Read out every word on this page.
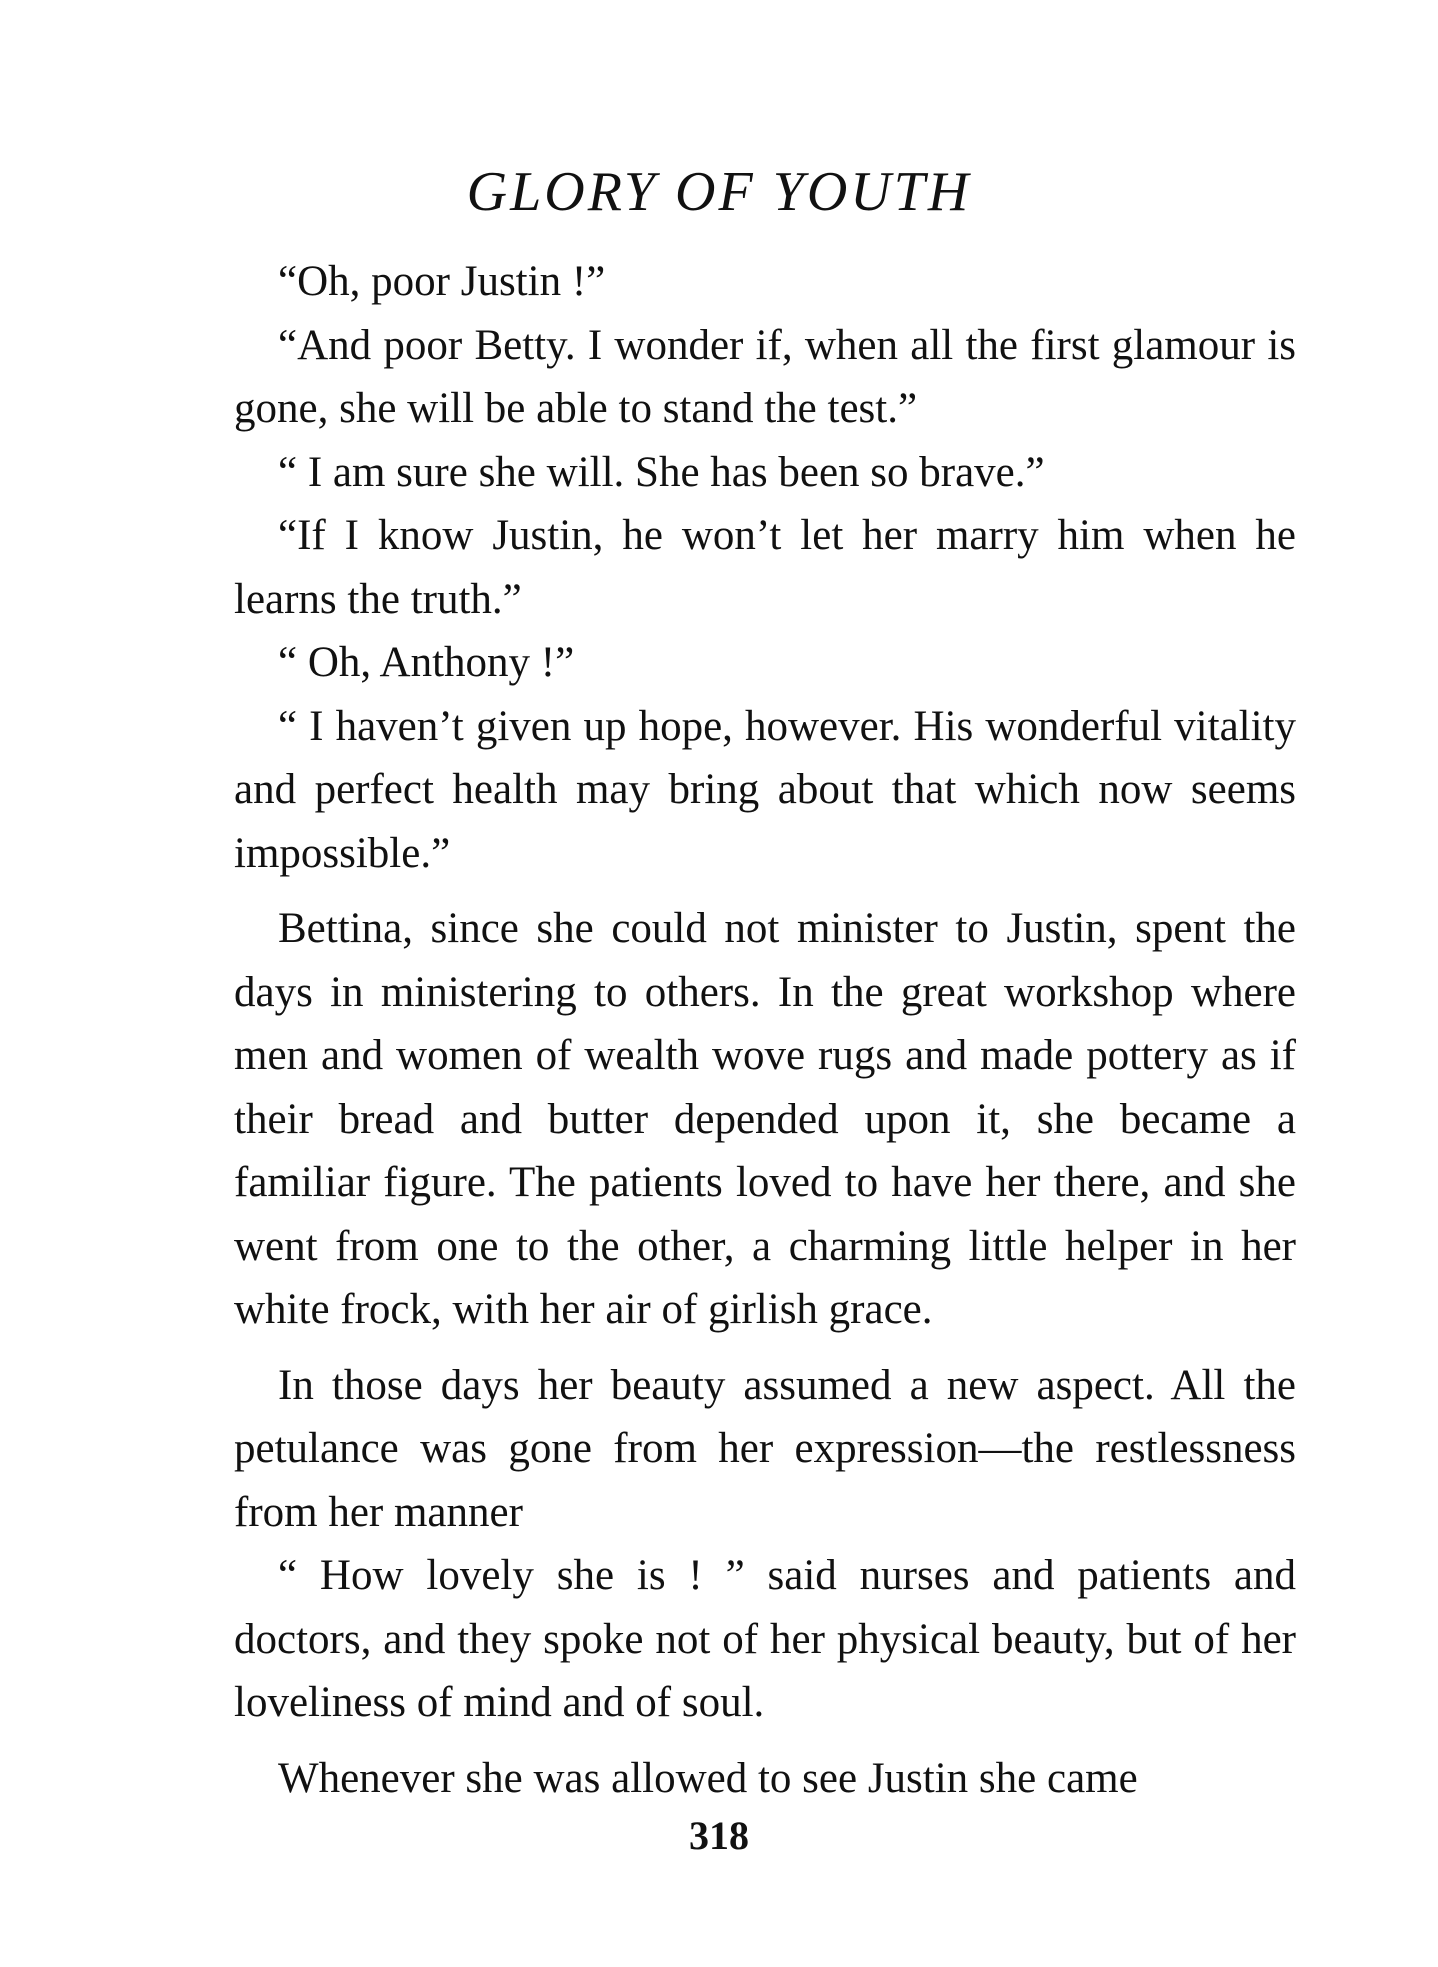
GLORY OF YOUTH

“Oh, poor Justin !”

“And poor Betty. I wonder if, when all the first glamour is gone, she will be able to stand the test.”

“ I am sure she will. She has been so brave.”

“If I know Justin, he won’t let her marry him when he learns the truth.”

“ Oh, Anthony !”

“ I haven’t given up hope, however. His wonderful vitality and perfect health may bring about that which now seems impossible.”

Bettina, since she could not minister to Justin, spent the days in ministering to others. In the great workshop where men and women of wealth wove rugs and made pottery as if their bread and butter depended upon it, she became a familiar figure. The patients loved to have her there, and she went from one to the other, a charming little helper in her white frock, with her air of girlish grace.

In those days her beauty assumed a new aspect. All the petulance was gone from her expression—the restlessness from her manner

“ How lovely she is ! ” said nurses and patients and doctors, and they spoke not of her physical beauty, but of her loveliness of mind and of soul.

Whenever she was allowed to see Justin she came

318
